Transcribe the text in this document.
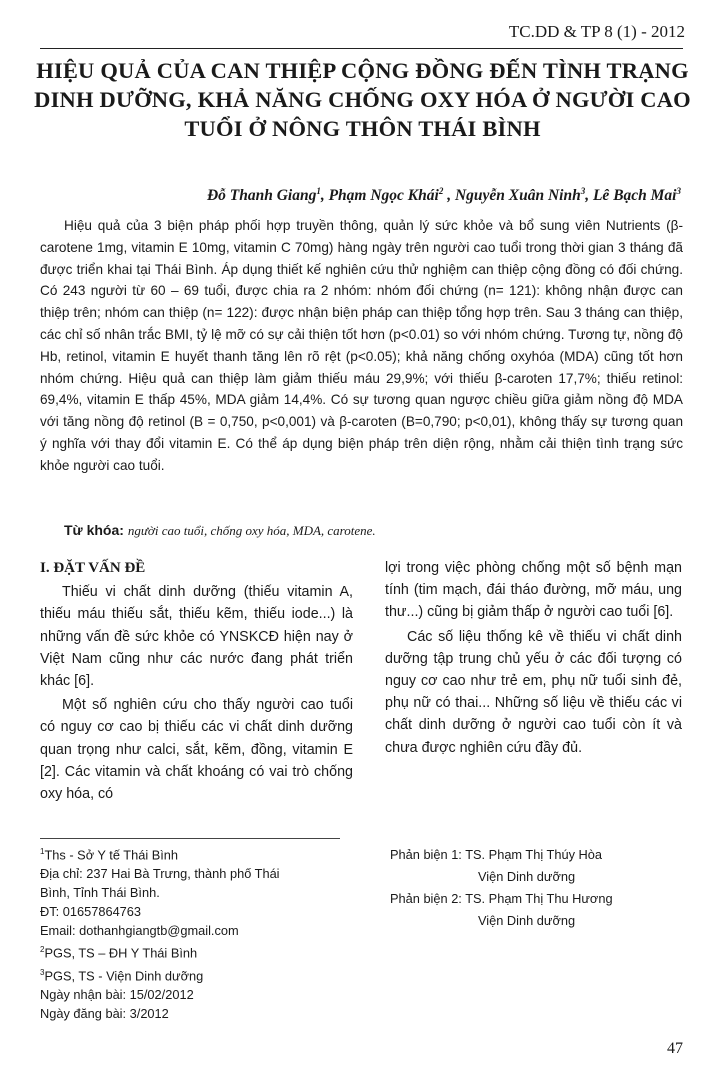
TC.DD & TP 8 (1) - 2012
HIỆU QUẢ CỦA CAN THIỆP CỘNG ĐỒNG ĐẾN TÌNH TRẠNG DINH DƯỠNG, KHẢ NĂNG CHỐNG OXY HÓA Ở NGƯỜI CAO TUỔI Ở NÔNG THÔN THÁI BÌNH
Đỗ Thanh Giang$^1$, Phạm Ngọc Khái$^2$ , Nguyễn Xuân Ninh$^3$, Lê Bạch Mai$^3$

Hiệu quả của 3 biện pháp phối hợp truyền thông, quản lý sức khỏe và bổ sung viên Nutrients (β-carotene 1mg, vitamin E 10mg, vitamin C 70mg) hàng ngày trên người cao tuổi trong thời gian 3 tháng đã được triển khai tại Thái Bình. Áp dụng thiết kế nghiên cứu thử nghiệm can thiệp cộng đồng có đối chứng. Có 243 người từ 60 – 69 tuổi, được chia ra 2 nhóm: nhóm đối chứng (n= 121): không nhận được can thiệp trên; nhóm can thiệp (n= 122): được nhận biện pháp can thiệp tổng hợp trên. Sau 3 tháng can thiệp, các chỉ số nhân trắc BMI, tỷ lệ mỡ có sự cải thiện tốt hơn (p<0.01) so với nhóm chứng. Tương tự, nồng độ Hb, retinol, vitamin E huyết thanh tăng lên rõ rệt (p<0.05); khả năng chống oxyhóa (MDA) cũng tốt hơn nhóm chứng. Hiệu quả can thiệp làm giảm thiếu máu 29,9%; với thiếu β-caroten 17,7%; thiếu retinol: 69,4%, vitamin E thấp 45%, MDA giảm 14,4%. Có sự tương quan ngược chiều giữa giảm nồng độ MDA với tăng nồng độ retinol (B = 0,750, p<0,001) và β-caroten (B=0,790; p<0,01), không thấy sự tương quan ý nghĩa với thay đổi vitamin E. Có thể áp dụng biện pháp trên diện rộng, nhằm cải thiện tình trạng sức khỏe người cao tuổi.

Từ khóa: người cao tuổi, chống oxy hóa, MDA, carotene.

I. ĐẶT VẤN ĐỀ

Thiếu vi chất dinh dưỡng (thiếu vitamin A, thiếu máu thiếu sắt, thiếu kẽm, thiếu iode...) là những vấn đề sức khỏe có YNSKCĐ hiện nay ở Việt Nam cũng như các nước đang phát triển khác [6].

Một số nghiên cứu cho thấy người cao tuổi có nguy cơ cao bị thiếu các vi chất dinh dưỡng quan trọng như calci, sắt, kẽm, đồng, vitamin E [2]. Các vitamin và chất khoáng có vai trò chống oxy hóa, có

lợi trong việc phòng chống một số bệnh mạn tính (tim mạch, đái tháo đường, mỡ máu, ung thư...) cũng bị giảm thấp ở người cao tuổi [6].

Các số liệu thống kê về thiếu vi chất dinh dưỡng tập trung chủ yếu ở các đối tượng có nguy cơ cao như trẻ em, phụ nữ tuổi sinh đẻ, phụ nữ có thai... Những số liệu về thiếu các vi chất dinh dưỡng ở người cao tuổi còn ít và chưa được nghiên cứu đầy đủ.

$^1$Ths - Sở Y tế Thái Bình
Địa chỉ: 237 Hai Bà Trưng, thành phố Thái
Bình, Tỉnh Thái Bình.
ĐT: 01657864763
Email: dothanhgiangtb@gmail.com
$^2$PGS, TS – ĐH Y Thái Bình
$^3$PGS, TS - Viện Dinh dưỡng
Ngày nhận bài: 15/02/2012
Ngày đăng bài: 3/2012
Phản biện 1: TS. Phạm Thị Thúy Hòa
Viện Dinh dưỡng
Phản biện 2: TS. Phạm Thị Thu Hương
Viện Dinh dưỡng
47
